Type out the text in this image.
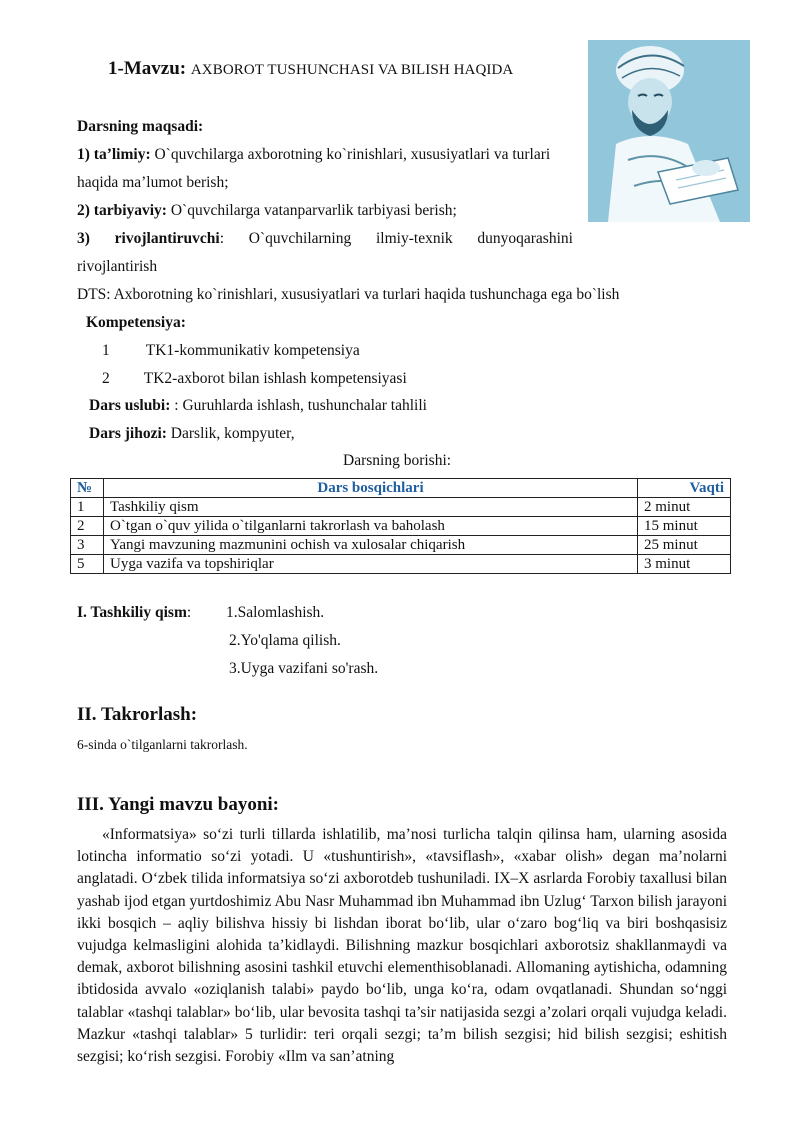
1-Mavzu: AXBOROT TUSHUNCHASI VA BILISH HAQIDA
Darsning maqsadi:
1) ta’limiy: O`quvchilarga axborotning ko`rinishlari, xususiyatlari va turlari
haqida ma’lumot berish;
2) tarbiyaviy: O`quvchilarga vatanparvarlik tarbiyasi berish;
3) rivojlantiruvchi: O`quvchilarning ilmiy-texnik dunyoqarashini
rivojlantirish
DTS: Axborotning ko`rinishlari, xususiyatlari va turlari haqida tushunchaga ega bo`lish
Kompetensiya:
1 TK1-kommunikativ kompetensiya
2 TK2-axborot bilan ishlash kompetensiyasi
Dars uslubi: : Guruhlarda ishlash, tushunchalar tahlili
Dars jihozi: Darslik, kompyuter,
Darsning borishi:
№	Dars bosqichlari	Vaqti
1	Tashkiliy qism	2 minut
2	O`tgan o`quv yilida o`tilganlarni takrorlash va baholash	15 minut
3	Yangi mavzuning mazmunini ochish va xulosalar chiqarish	25 minut
5	Uyga vazifa va topshiriqlar	3 minut
I. Tashkiliy qism: 1.Salomlashish.
2.Yo'qlama qilish.
3.Uyga vazifani so'rash.
II. Takrorlash:
6-sinda o`tilganlarni takrorlash.
III. Yangi mavzu bayoni:
«Informatsiya» so‘zi turli tillarda ishlatilib, ma’nosi turlicha talqin qilinsa ham, ularning asosida lotincha informatio so‘zi yotadi. U «tushuntirish», «tavsiflash», «xabar olish» degan ma’nolarni anglatadi. O‘zbek tilida informatsiya so‘zi axborotdeb tushuniladi. IX–X asrlarda Forobiy taxallusi bilan yashab ijod etgan yurtdoshimiz Abu Nasr Muhammad ibn Muhammad ibn Uzlug‘ Tarxon bilish jarayoni ikki bosqich – aqliy bilishva hissiy bi lishdan iborat bo‘lib, ular o‘zaro bog‘liq va biri boshqasisiz vujudga kelmasligini alohida ta’kidlaydi. Bilishning mazkur bosqichlari axborotsiz shakllanmaydi va demak, axborot bilishning asosini tashkil etuvchi elementhisoblanadi. Allomaning aytishicha, odamning ibtidosida avvalo «oziqlanish talabi» paydo bo‘lib, unga ko‘ra, odam ovqatlanadi. Shundan so‘nggi talablar «tashqi talablar» bo‘lib, ular bevosita tashqi ta’sir natijasida sezgi a’zolari orqali vujudga keladi. Mazkur «tashqi talablar» 5 turlidir: teri orqali sezgi; ta’m bilish sezgisi; hid bilish sezgisi; eshitish sezgisi; ko‘rish sezgisi. Forobiy «Ilm va san’atning
